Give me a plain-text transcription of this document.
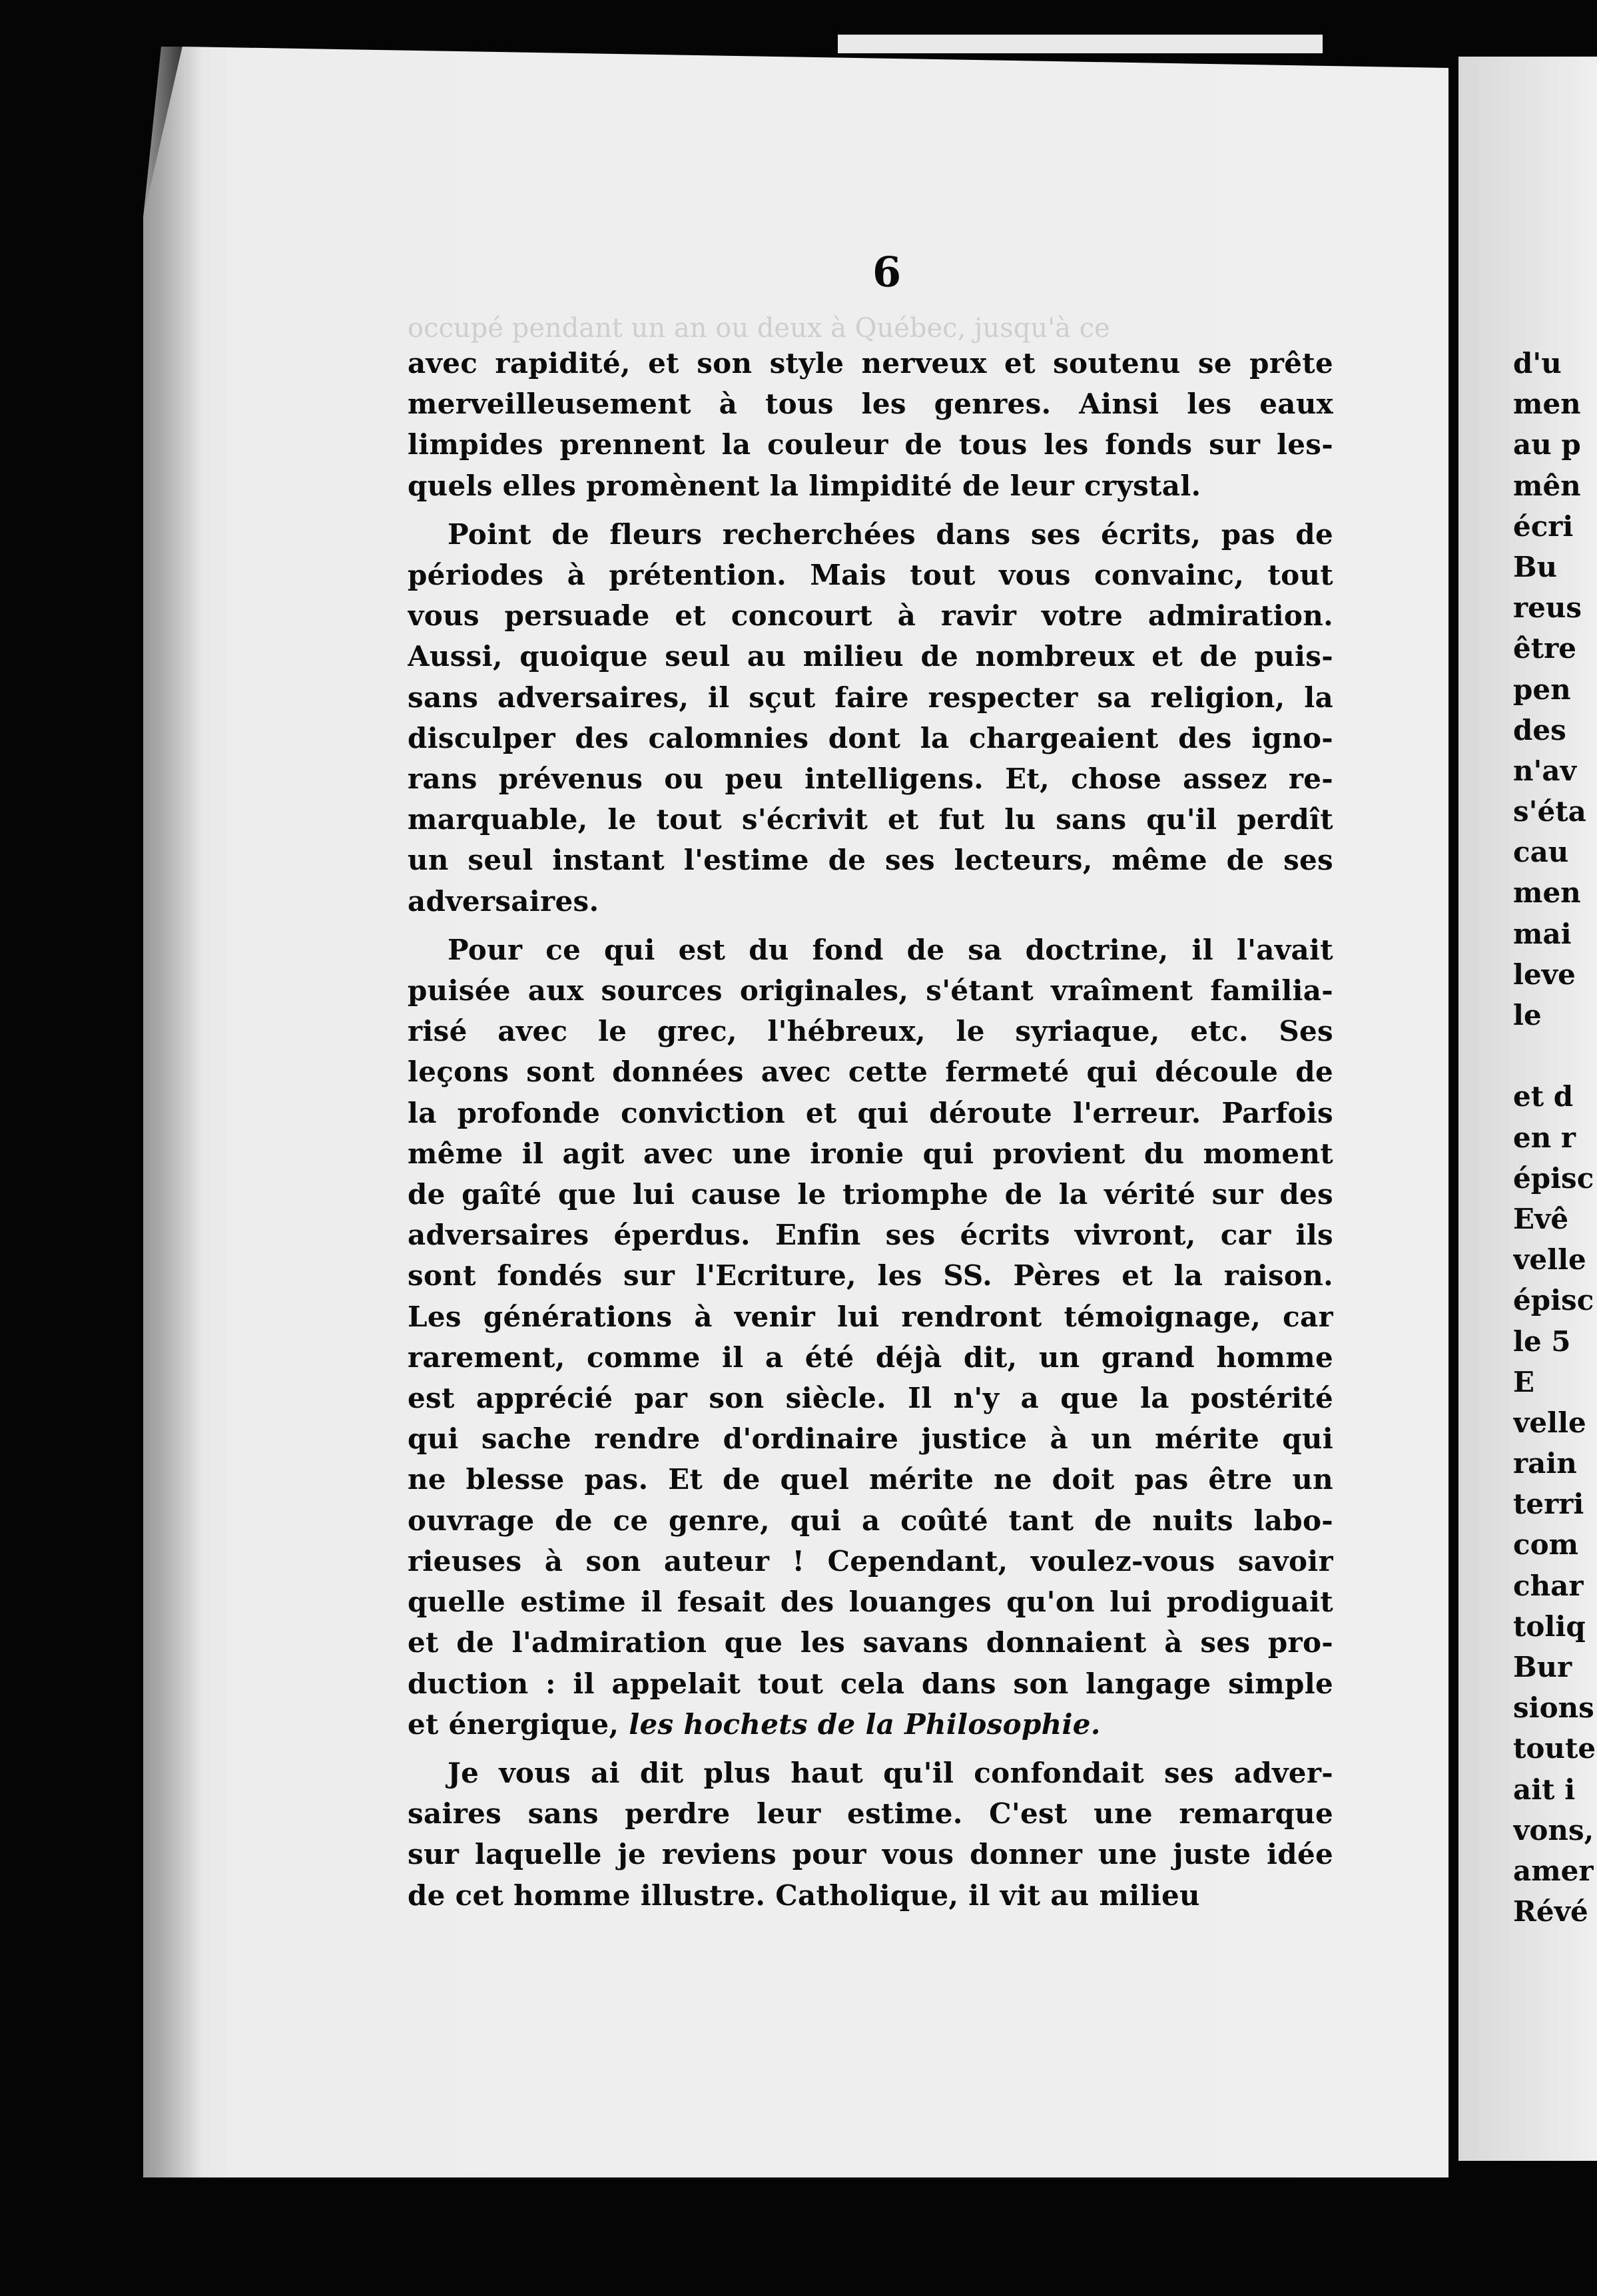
occupé pendant un an ou deux à Québec, jusqu'à ce
6

avec rapidité, et son style nerveux et soutenu se prête
merveilleusement à tous les genres. Ainsi les eaux
limpides prennent la couleur de tous les fonds sur les-
quels elles promènent la limpidité de leur crystal.

Point de fleurs recherchées dans ses écrits, pas de
périodes à prétention. Mais tout vous convainc, tout
vous persuade et concourt à ravir votre admiration.
Aussi, quoique seul au milieu de nombreux et de puis-
sans adversaires, il sçut faire respecter sa religion, la
disculper des calomnies dont la chargeaient des igno-
rans prévenus ou peu intelligens. Et, chose assez re-
marquable, le tout s'écrivit et fut lu sans qu'il perdît
un seul instant l'estime de ses lecteurs, même de ses
adversaires.

Pour ce qui est du fond de sa doctrine, il l'avait
puisée aux sources originales, s'étant vraîment familia-
risé avec le grec, l'hébreux, le syriaque, etc. Ses
leçons sont données avec cette fermeté qui découle de
la profonde conviction et qui déroute l'erreur. Parfois
même il agit avec une ironie qui provient du moment
de gaîté que lui cause le triomphe de la vérité sur des
adversaires éperdus. Enfin ses écrits vivront, car ils
sont fondés sur l'Ecriture, les SS. Pères et la raison.
Les générations à venir lui rendront témoignage, car
rarement, comme il a été déjà dit, un grand homme
est apprécié par son siècle. Il n'y a que la postérité
qui sache rendre d'ordinaire justice à un mérite qui
ne blesse pas. Et de quel mérite ne doit pas être un
ouvrage de ce genre, qui a coûté tant de nuits labo-
rieuses à son auteur ! Cependant, voulez-vous savoir
quelle estime il fesait des louanges qu'on lui prodiguait
et de l'admiration que les savans donnaient à ses pro-
duction : il appelait tout cela dans son langage simple
et énergique, les hochets de la Philosophie.

Je vous ai dit plus haut qu'il confondait ses adver-
saires sans perdre leur estime. C'est une remarque
sur laquelle je reviens pour vous donner une juste idée
de cet homme illustre. Catholique, il vit au milieu

d'u
men
au p
mên
écri
Bu
reus
être
pen
des
n'av
s'éta
cau
men
mai
leve
le
et d
en r
épisc
Evê
velle
épisc
le 5
E
velle
rain
terri
com
char
toliq
Bur
sions
toute
ait i
vons,
amer
Révé
